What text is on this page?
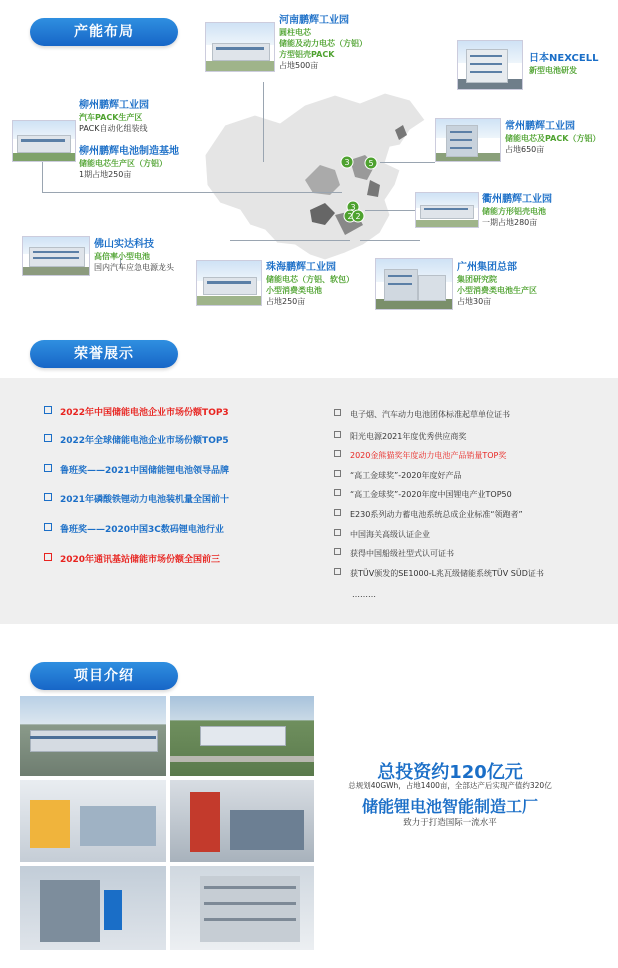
产能布局
3 5
3
2 2
河南鹏辉工业园
圆柱电芯
储能及动力电芯（方铝）
方型铝壳PACK
占地500亩
日本NEXCELL
新型电池研发
柳州鹏辉工业园
汽车PACK生产区
PACK自动化组装线
柳州鹏辉电池制造基地
储能电芯生产区（方铝）
1期占地250亩
常州鹏辉工业园
储能电芯及PACK（方铝）
占地650亩
衢州鹏辉工业园
储能方形铝壳电池
一期占地280亩
佛山实达科技
高倍率小型电池
国内汽车应急电源龙头	珠海鹏辉工业园
储能电芯（方铝、软包）
小型消费类电池
占地250亩
广州集团总部
集团研究院
小型消费类电池生产区
占地30亩
荣誉展示
2022年中国储能电池企业市场份额TOP3
2022年全球储能电池企业市场份额TOP5
鲁班奖——2021中国储能锂电池领导品牌
2021年磷酸铁锂动力电池装机量全国前十
鲁班奖——2020中国3C数码锂电池行业
2020年通讯基站储能市场份额全国前三
电子烟、汽车动力电池团体标准起草单位证书
阳光电源2021年度优秀供应商奖
2020金熊猫奖年度动力电池产品销量TOP奖
“高工金球奖”-2020年度好产品
“高工金球奖”-2020年度中国锂电产业TOP50
E230系列动力蓄电池系统总成企业标准“领跑者”
中国海关高级认证企业
获得中国船级社型式认可证书
获TÜV颁发的SE1000-L兆瓦级储能系统TÜV SÜD证书
………
项目介绍
总投资约120亿元
总规划40GWh，占地1400亩，全部达产后实现产值约320亿
储能锂电池智能制造工厂
致力于打造国际一流水平
